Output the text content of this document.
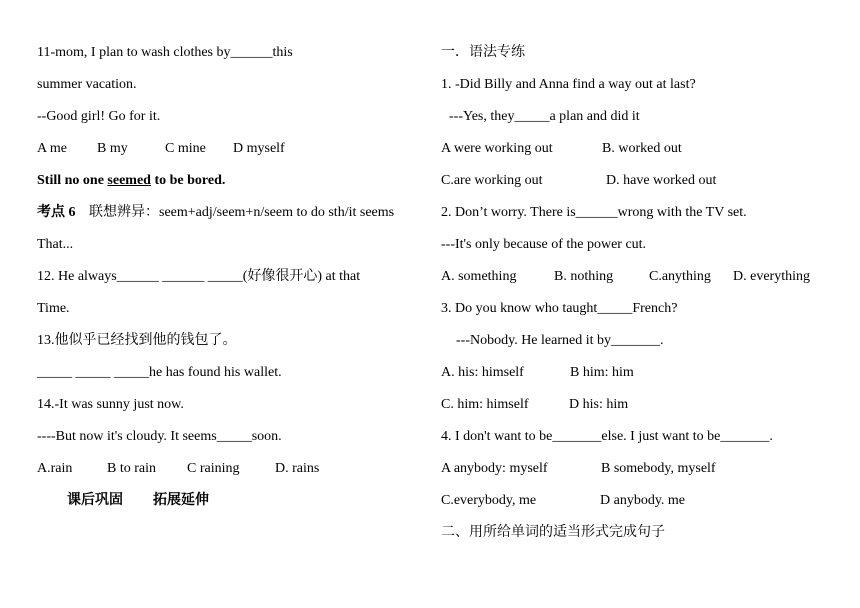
11-mom, I plan to wash clothes by______this
summer vacation.
--Good girl! Go for it.
A me B my	C mine D myself
Still no one seemed to be bored.
考点 6 联想辨异：seem+adj/seem+n/seem to do sth/it seems
That...
12. He always______ ______ _____(好像很开心) at that
Time.
13.他似乎已经找到他的钱包了。
_____ _____ _____he has found his wallet.
14.-It was sunny just now.
----But now it's cloudy. It seems_____soon.
A.rain B to rain C raining	D. rains
课后巩固 拓展延伸
一．语法专练
1. -Did Billy and Anna find a way out at last?
---Yes, they_____a plan and did it
A were working out	B. worked out
C.are working out	D. have worked out
2. Don’t worry. There is______wrong with the TV set.
---It's only because of the power cut.
A. something	B. nothing	C.anything D. everything
3. Do you know who taught_____French?
---Nobody. He learned it by_______.
A. his: himself	B him: him
C. him: himself	D his: him
4. I don't want to be_______else. I just want to be_______.
A anybody: myself	B somebody, myself
C.everybody, me	D anybody. me
二、用所给单词的适当形式完成句子
